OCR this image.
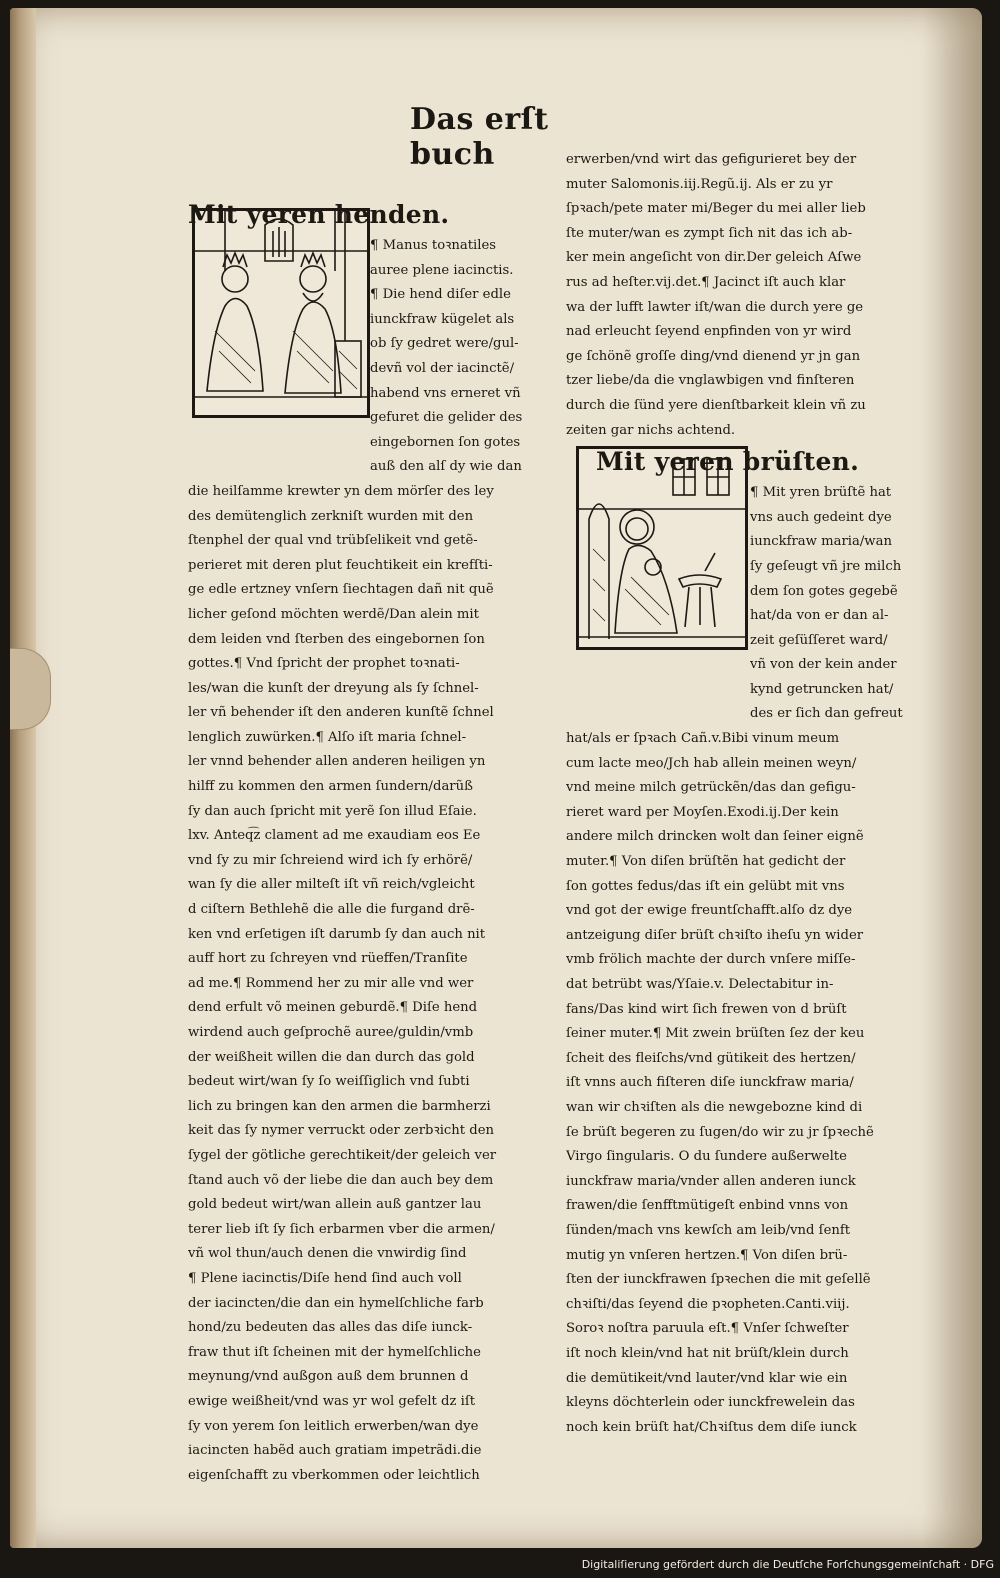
Das erſt buch
Mit yeren henden.
¶ Manus toꝛnatiles
auree plene iacinctis.
¶ Die hend diſer edle
iunckfraw kügelet als
ob ſy gedret were/gul-
devñ vol der iacinctẽ/
habend vns erneret vñ
gefuret die gelider des
eingebornen ſon gotes
auß den alſ dy wie dan
die heilſamme krewter yn dem mörſer des ley
des demütenglich zerkniſt wurden mit den
ſtenphel der qual vnd trübſelikeit vnd getẽ-
perieret mit deren plut feuchtikeit ein krefſti-
ge edle ertzney vnſern ſiechtagen dañ nit quẽ
licher geſond möchten werdẽ/Dan alein mit
dem leiden vnd ſterben des eingebornen ſon
gottes.¶ Vnd ſpricht der prophet toꝛnati-
les/wan die kunſt der dreyung als ſy ſchnel-
ler vñ behender iſt den anderen kunſtẽ ſchnel
lenglich zuwürken.¶ Alſo iſt maria ſchnel-
ler vnnd behender allen anderen heiligen yn
hilff zu kommen den armen ſundern/darũß
ſy dan auch ſpricht mit yerẽ ſon illud Eſaie.
lxv. Anteq͡z clament ad me exaudiam eos Ee
vnd ſy zu mir ſchreiend wird ich ſy erhörẽ/
wan ſy die aller milteſt iſt vñ reich/vgleicht
d ciſtern Bethlehẽ die alle die furgand drẽ-
ken vnd erſetigen iſt darumb ſy dan auch nit
auff hort zu ſchreyen vnd rüeffen/Tranſite
ad me.¶ Rommend her zu mir alle vnd wer
dend erfult võ meinen geburdẽ.¶ Diſe hend
wirdend auch geſprochẽ auree/guldin/vmb
der weißheit willen die dan durch das gold
bedeut wirt/wan ſy ſo weiſſiglich vnd ſubti
lich zu bringen kan den armen die barmherzi
keit das ſy nymer verruckt oder zerbꝛicht den
ſygel der götliche gerechtikeit/der geleich ver
ſtand auch võ der liebe die dan auch bey dem
gold bedeut wirt/wan allein auß gantzer lau
terer lieb iſt ſy ſich erbarmen vber die armen/
vñ wol thun/auch denen die vnwirdig ſind
¶ Plene iacinctis/Diſe hend ſind auch voll
der iacincten/die dan ein hymelſchliche farb
hond/zu bedeuten das alles das diſe iunck-
fraw thut iſt ſcheinen mit der hymelſchliche
meynung/vnd außgon auß dem brunnen d
ewige weißheit/vnd was yr wol gefelt dz iſt
ſy von yerem ſon leitlich erwerben/wan dye
iacincten habẽd auch gratiam impetrãdi.die
eigenſchafft zu vberkommen oder leichtlich
erwerben/vnd wirt das gefigurieret bey der
muter Salomonis.iij.Regũ.ij. Als er zu yr
ſpꝛach/pete mater mi/Beger du mei aller lieb
ſte muter/wan es zympt ſich nit das ich ab-
ker mein angeſicht von dir.Der geleich Aſwe
rus ad heſter.vij.det.¶ Jacinct iſt auch klar
wa der lufft lawter iſt/wan die durch yere ge
nad erleucht ſeyend enpfinden von yr wird
ge ſchönẽ groſſe ding/vnd dienend yr jn gan
tzer liebe/da die vnglawbigen vnd finſteren
durch die ſünd yere dienſtbarkeit klein vñ zu
zeiten gar nichs achtend.
Mit yeren brüſten.
¶ Mit yren brüſtẽ hat
vns auch gedeint dye
iunckfraw maria/wan
ſy geſeugt vñ jre milch
dem ſon gotes gegebẽ
hat/da von er dan al-
zeit geſüſſeret ward/
vñ von der kein ander
kynd getruncken hat/
des er ſich dan gefreut
hat/als er ſpꝛach Cañ.v.Bibi vinum meum
cum lacte meo/Jch hab allein meinen weyn/
vnd meine milch getrückẽn/das dan gefigu-
rieret ward per Moyſen.Exodi.ij.Der kein
andere milch drincken wolt dan ſeiner eignẽ
muter.¶ Von diſen brüſtẽn hat gedicht der
ſon gottes fedus/das iſt ein gelübt mit vns
vnd got der ewige freuntſchafft.alſo dz dye
antzeigung diſer brüſt chꝛiſto iheſu yn wider
vmb frölich machte der durch vnſere miſſe-
dat betrübt was/Yſaie.v. Delectabitur in-
fans/Das kind wirt ſich frewen von d brüſt
ſeiner muter.¶ Mit zwein brüſten ſez der keu
ſcheit des fleiſchs/vnd gütikeit des hertzen/
iſt vnns auch fiſteren diſe iunckfraw maria/
wan wir chꝛiſten als die newgebozne kind di
ſe brüſt begeren zu ſugen/do wir zu jr ſpꝛechẽ
Virgo ſingularis. O du ſundere außerwelte
iunckfraw maria/vnder allen anderen iunck
frawen/die ſenfftmütigeſt enbind vnns von
ſünden/mach vns kewſch am leib/vnd ſenft
mutig yn vnſeren hertzen.¶ Von diſen brü-
ſten der iunckfrawen ſpꝛechen die mit geſellẽ
chꝛiſti/das ſeyend die pꝛopheten.Canti.viij.
Soroꝛ noſtra paruula eſt.¶ Vnſer ſchweſter
iſt noch klein/vnd hat nit brüſt/klein durch
die demütikeit/vnd lauter/vnd klar wie ein
kleyns döchterlein oder iunckfrewelein das
noch kein brüſt hat/Chꝛiſtus dem diſe iunck
Digitaliſierung gefördert durch die Deutſche Forſchungsgemeinſchaft · DFG
